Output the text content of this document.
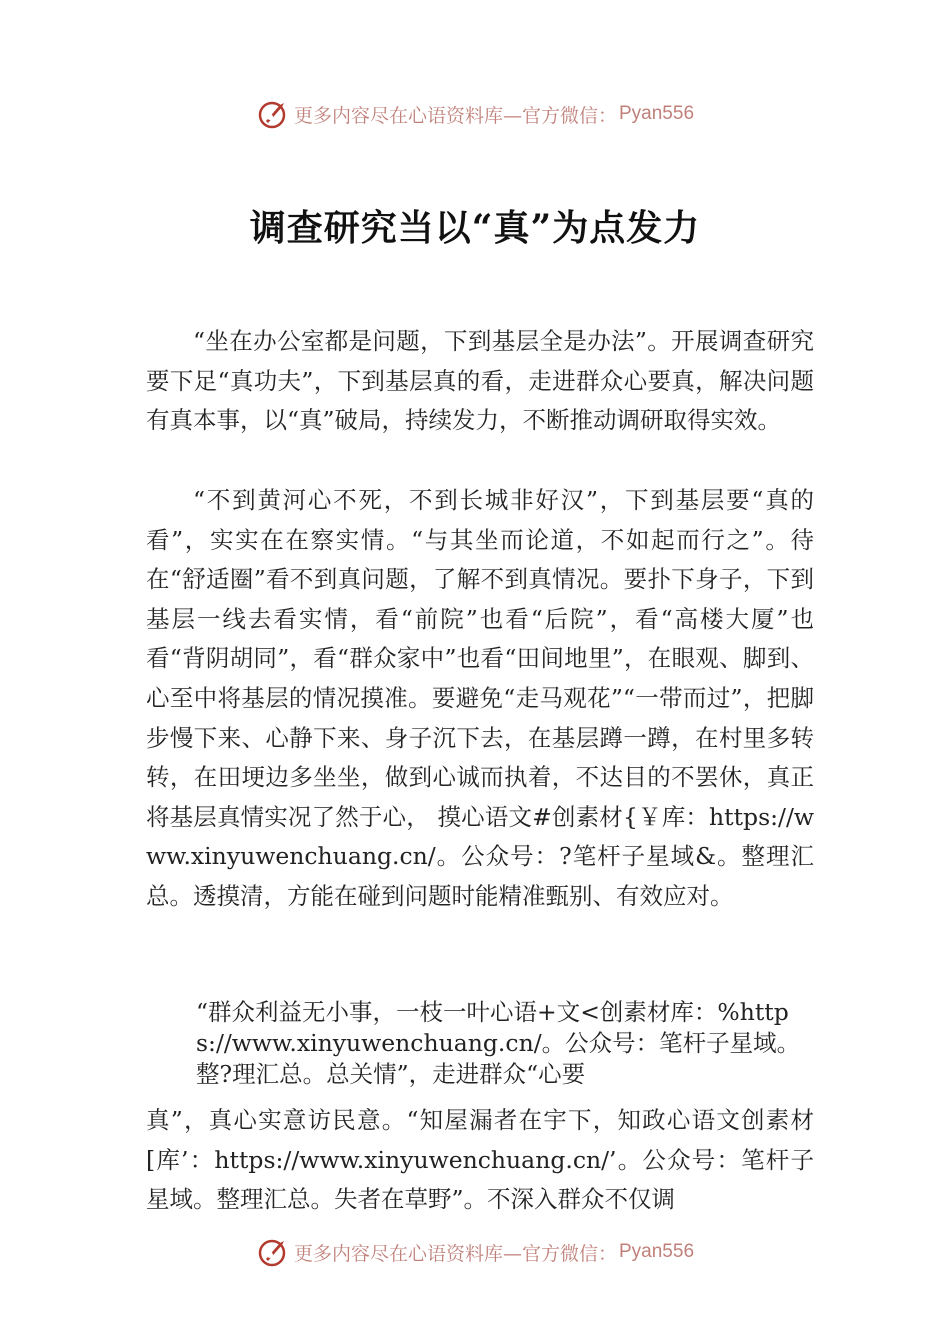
更多内容尽在心语资料库—官方微信： Pyan556
调查研究当以“真”为点发力

“坐在办公室都是问题，下到基层全是办法”。开展调查研究要下足“真功夫”，下到基层真的看，走进群众心要真，解决问题有真本事，以“真”破局，持续发力，不断推动调研取得实效。

“不到黄河心不死，不到长城非好汉”，下到基层要“真的看”，实实在在察实情。“与其坐而论道，不如起而行之”。待在“舒适圈”看不到真问题，了解不到真情况。要扑下身子，下到基层一线去看实情，看“前院”也看“后院”，看“高楼大厦”也看“背阴胡同”，看“群众家中”也看“田间地里”，在眼观、脚到、心至中将基层的情况摸准。要避免“走马观花”“一带而过”，把脚步慢下来、心静下来、身子沉下去，在基层蹲一蹲，在村里多转转，在田埂边多坐坐，做到心诚而执着，不达目的不罢休，真正将基层真情实况了然于心， 摸心语文#创素材{￥库：https://www.xinyuwenchuang.cn/。公众号：?笔杆子星域&。整理汇总。透摸清，方能在碰到问题时能精准甄别、有效应对。

“群众利益无小事，一枝一叶心语+文<创素材库：%https://www.xinyuwenchuang.cn/。公众号：笔杆子星域。整?理汇总。总关情”，走进群众“心要

真”，真心实意访民意。“知屋漏者在宇下，知政心语文创素材[库’：https://www.xinyuwenchuang.cn/’。公众号：笔杆子星域。整理汇总。失者在草野”。不深入群众不仅调

更多内容尽在心语资料库—官方微信： Pyan556
